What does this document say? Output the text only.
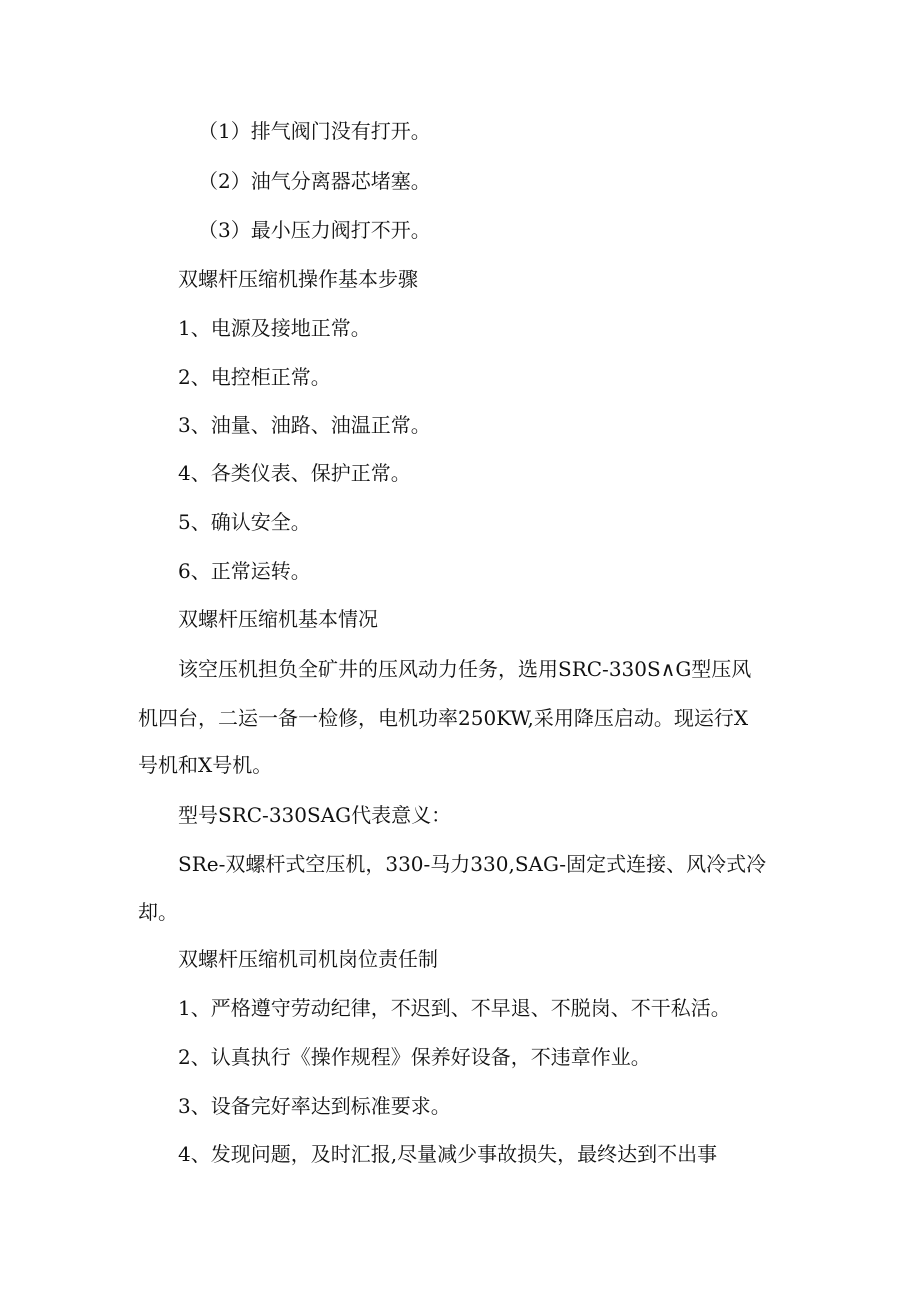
（1）排气阀门没有打开。
（2）油气分离器芯堵塞。
（3）最小压力阀打不开。
双螺杆压缩机操作基本步骤
1、电源及接地正常。
2、电控柜正常。
3、油量、油路、油温正常。
4、各类仪表、保护正常。
5、确认安全。
6、正常运转。
双螺杆压缩机基本情况
该空压机担负全矿井的压风动力任务，选用SRC-330S∧G型压风
机四台，二运一备一检修，电机功率250KW,采用降压启动。现运行X
号机和X号机。
型号SRC-330SAG代表意义：
SRe-双螺杆式空压机，330-马力330,SAG-固定式连接、风冷式冷
却。
双螺杆压缩机司机岗位责任制
1、严格遵守劳动纪律，不迟到、不早退、不脱岗、不干私活。
2、认真执行《操作规程》保养好设备，不违章作业。
3、设备完好率达到标准要求。
4、发现问题，及时汇报,尽量减少事故损失，最终达到不出事
